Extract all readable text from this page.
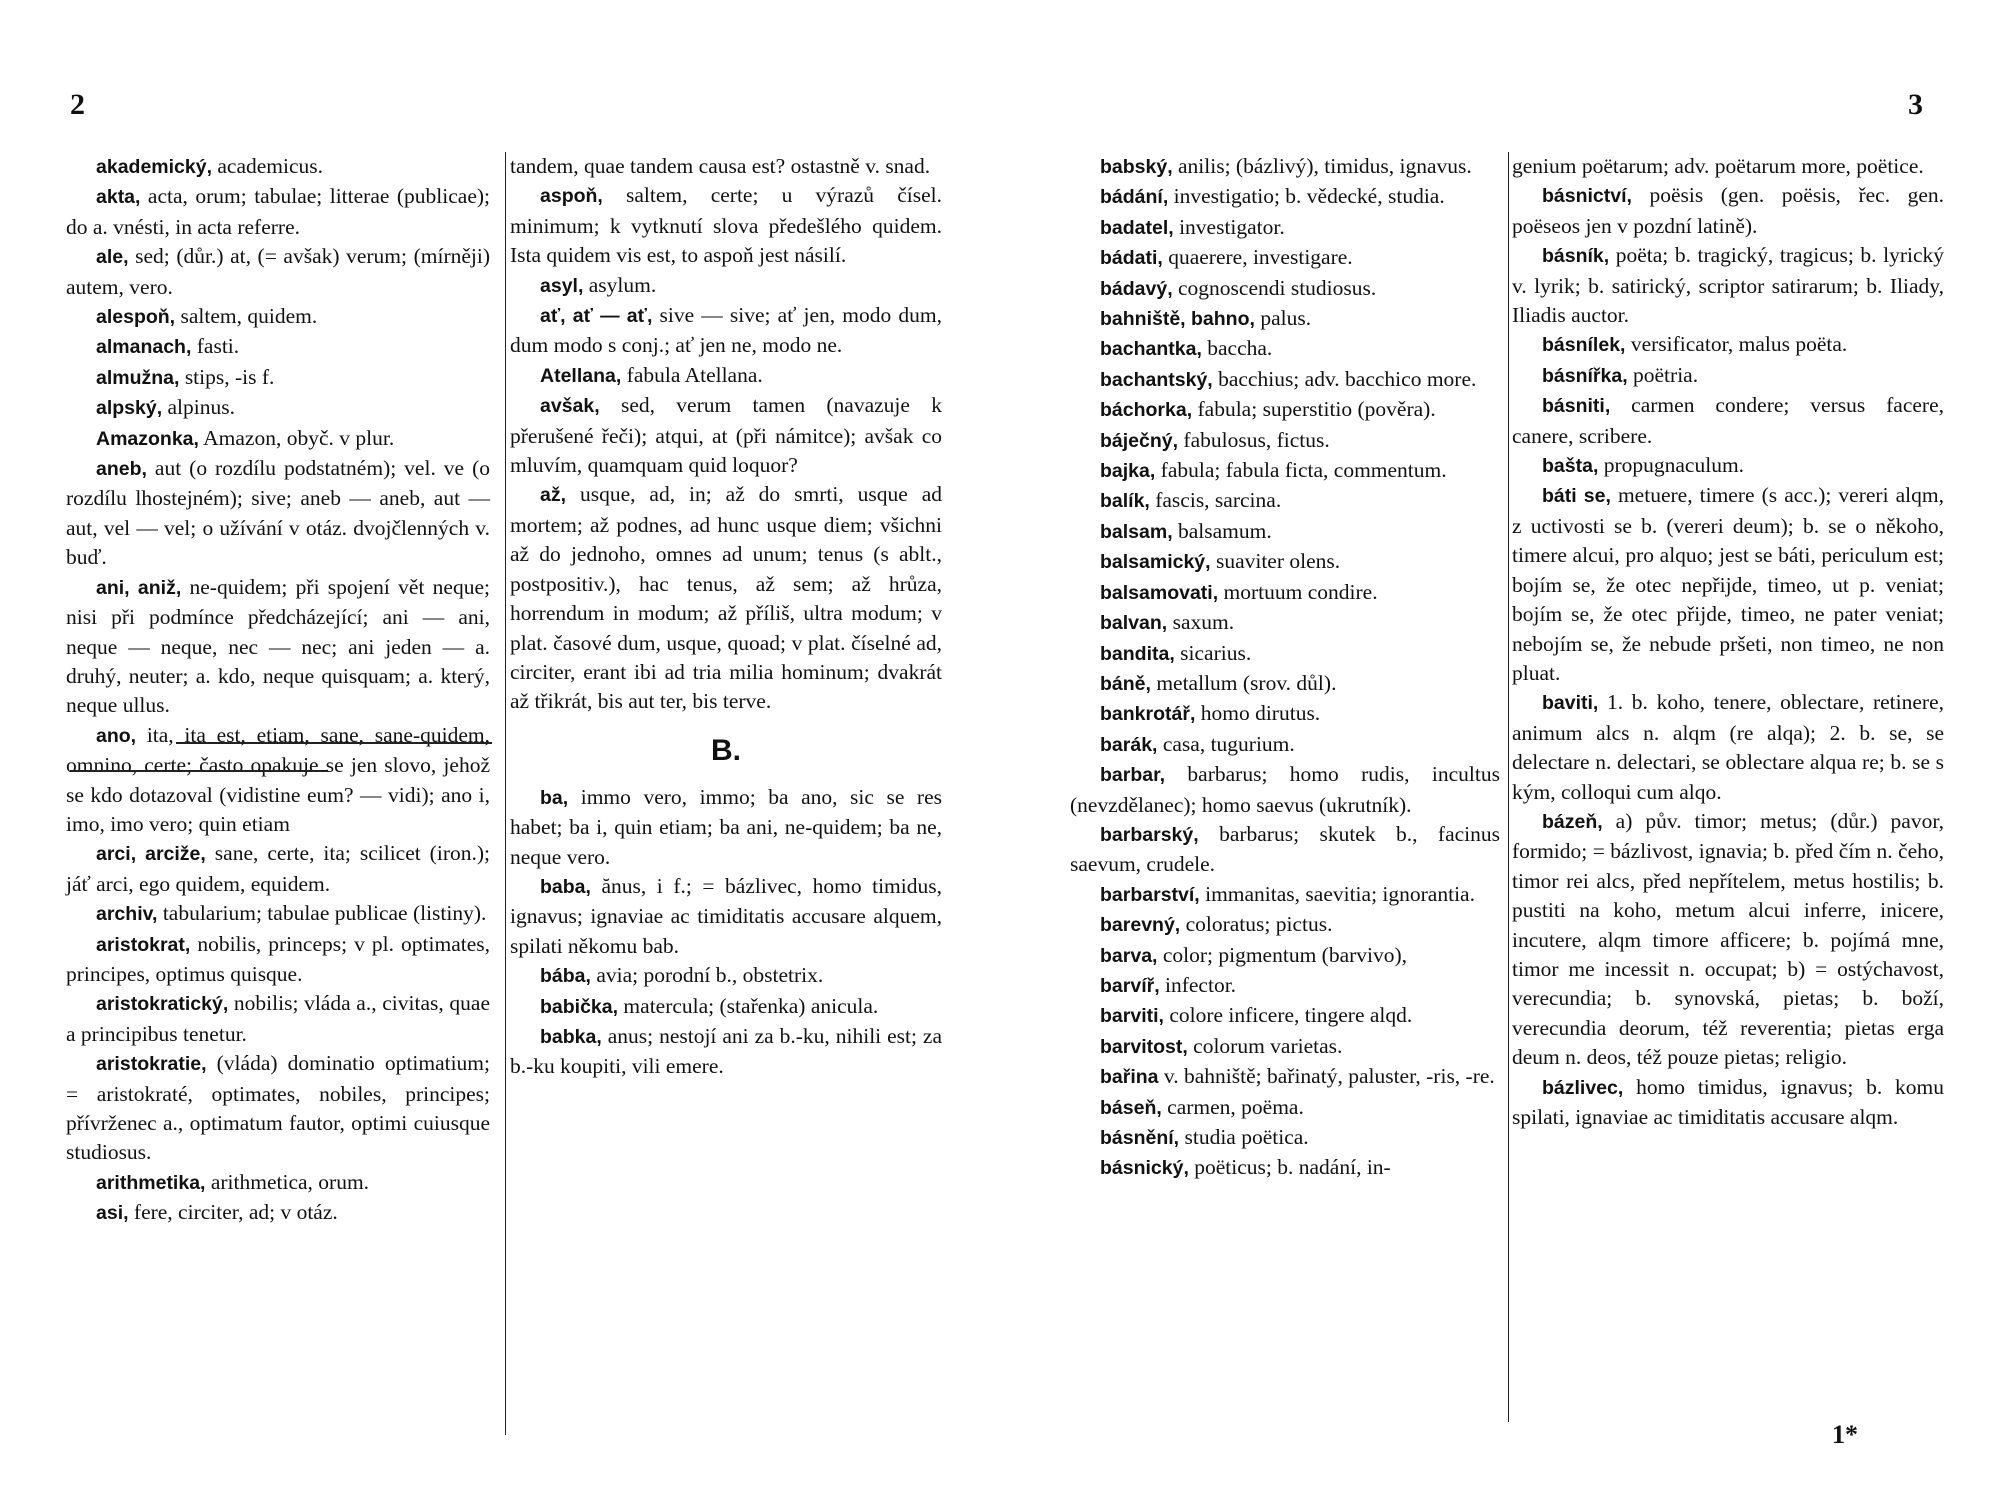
2	3

akademický, academicus.

akta, acta, orum; tabulae; litterae (publicae); do a. vnésti, in acta referre.

ale, sed; (důr.) at, (= avšak) verum; (mírněji) autem, vero.

alespoň, saltem, quidem.

almanach, fasti.

almužna, stips, -is f.

alpský, alpinus.

Amazonka, Amazon, obyč. v plur.

aneb, aut (o rozdílu podstatném); vel. ve (o rozdílu lhostejném); sive; aneb — aneb, aut — aut, vel — vel; o užívání v otáz. dvojčlenných v. buď.

ani, aniž, ne-quidem; při spojení vět neque; nisi při podmínce předcházející; ani — ani, neque — neque, nec — nec; ani jeden — a. druhý, neuter; a. kdo, neque quisquam; a. který, neque ullus.

ano, ita, ita est, etiam, sane, sane-quidem, omnino, certe; často opakuje se jen slovo, jehož se kdo dotazoval (vidistine eum? — vidi); ano i, imo, imo vero; quin etiam

arci, arciže, sane, certe, ita; scilicet (iron.); jáť arci, ego quidem, equidem.

archiv, tabularium; tabulae publicae (listiny).

aristokrat, nobilis, princeps; v pl. optimates, principes, optimus quisque.

aristokratický, nobilis; vláda a., civitas, quae a principibus tenetur.

aristokratie, (vláda) dominatio optimatium; = aristokraté, optimates, nobiles, principes; přívrženec a., optimatum fautor, optimi cuiusque studiosus.

arithmetika, arithmetica, orum.

asi, fere, circiter, ad; v otáz.

tandem, quae tandem causa est? ostastně v. snad.

aspoň, saltem, certe; u výrazů čísel. minimum; k vytknutí slova předešlého quidem. Ista quidem vis est, to aspoň jest násilí.

asyl, asylum.

ať, ať — ať, sive — sive; ať jen, modo dum, dum modo s conj.; ať jen ne, modo ne.

Atellana, fabula Atellana.

avšak, sed, verum tamen (navazuje k přerušené řeči); atqui, at (při námitce); avšak co mluvím, quamquam quid loquor?

až, usque, ad, in; až do smrti, usque ad mortem; až podnes, ad hunc usque diem; všichni až do jednoho, omnes ad unum; tenus (s ablt., postpositiv.), hac tenus, až sem; až hrůza, horrendum in modum; až příliš, ultra modum; v plat. časové dum, usque, quoad; v plat. číselné ad, circiter, erant ibi ad tria milia hominum; dvakrát až třikrát, bis aut ter, bis terve.

B.

ba, immo vero, immo; ba ano, sic se res habet; ba i, quin etiam; ba ani, ne-quidem; ba ne, neque vero.

baba, ănus, i f.; = bázlivec, homo timidus, ignavus; ignaviae ac timiditatis accusare alquem, spilati někomu bab.

bába, avia; porodní b., obstetrix.

babička, matercula; (stařenka) anicula.

babka, anus; nestojí ani za b.-ku, nihili est; za b.-ku koupiti, vili emere.

babský, anilis; (bázlivý), timidus, ignavus.

bádání, investigatio; b. vědecké, studia.

badatel, investigator.

bádati, quaerere, investigare.

bádavý, cognoscendi studiosus.

bahniště, bahno, palus.

bachantka, baccha.

bachantský, bacchius; adv. bacchico more.

báchorka, fabula; superstitio (pověra).

báječný, fabulosus, fictus.

bajka, fabula; fabula ficta, commentum.

balík, fascis, sarcina.

balsam, balsamum.

balsamický, suaviter olens.

balsamovati, mortuum condire.

balvan, saxum.

bandita, sicarius.

báně, metallum (srov. důl).

bankrotář, homo dirutus.

barák, casa, tugurium.

barbar, barbarus; homo rudis, incultus (nevzdělanec); homo saevus (ukrutník).

barbarský, barbarus; skutek b., facinus saevum, crudele.

barbarství, immanitas, saevitia; ignorantia.

barevný, coloratus; pictus.

barva, color; pigmentum (barvivo),

barvíř, infector.

barviti, colore inficere, tingere alqd.

barvitost, colorum varietas.

bařina v. bahniště; bařinatý, paluster, -ris, -re.

báseň, carmen, poëma.

básnění, studia poëtica.

básnický, poëticus; b. nadání, in-

genium poëtarum; adv. poëtarum more, poëtice.

básnictví, poësis (gen. poësis, řec. gen. poëseos jen v pozdní latině).

básník, poëta; b. tragický, tragicus; b. lyrický v. lyrik; b. satirický, scriptor satirarum; b. Iliady, Iliadis auctor.

básnílek, versificator, malus poëta.

básnířka, poëtria.

básniti, carmen condere; versus facere, canere, scribere.

bašta, propugnaculum.

báti se, metuere, timere (s acc.); vereri alqm, z uctivosti se b. (vereri deum); b. se o někoho, timere alcui, pro alquo; jest se báti, periculum est; bojím se, že otec nepřijde, timeo, ut p. veniat; bojím se, že otec přijde, timeo, ne pater veniat; nebojím se, že nebude pršeti, non timeo, ne non pluat.

baviti, 1. b. koho, tenere, oblectare, retinere, animum alcs n. alqm (re alqa); 2. b. se, se delectare n. delectari, se oblectare alqua re; b. se s kým, colloqui cum alqo.

bázeň, a) pův. timor; metus; (důr.) pavor, formido; = bázlivost, ignavia; b. před čím n. čeho, timor rei alcs, před nepřítelem, metus hostilis; b. pustiti na koho, metum alcui inferre, inicere, incutere, alqm timore afficere; b. pojímá mne, timor me incessit n. occupat; b) = ostýchavost, verecundia; b. synovská, pietas; b. boží, verecundia deorum, též reverentia; pietas erga deum n. deos, též pouze pietas; religio.

bázlivec, homo timidus, ignavus; b. komu spilati, ignaviae ac timiditatis accusare alqm.

1*
